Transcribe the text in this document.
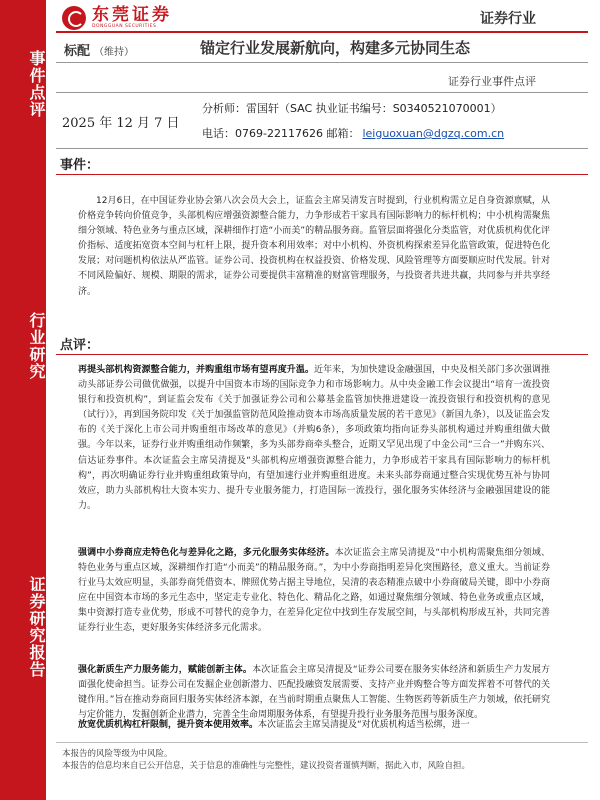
事件点评
行业研究
证券研究报告
东莞证券
DONGGUAN SECURITIES	证券行业
标配 （维持）	锚定行业发展新航向，构建多元协同生态
证券行业事件点评
2025 年 12 月 7 日
分析师：雷国轩（SAC 执业证书编号：S0340521070001）
电话：0769-22117626 邮箱： leiguoxuan@dgzq.com.cn
事件：
12月6日，在中国证券业协会第八次会员大会上，证监会主席吴清发言时提到，行业机构需立足自身资源禀赋，从价格竞争转向价值竞争，头部机构应增强资源整合能力，力争形成若干家具有国际影响力的标杆机构；中小机构需聚焦细分领域、特色业务与重点区域，深耕细作打造“小而美”的精品服务商。监管层面将强化分类监管，对优质机构优化评价指标、适度拓宽资本空间与杠杆上限，提升资本利用效率；对中小机构、外资机构探索差异化监管政策，促进特色化发展；对问题机构依法从严监管。证券公司、投资机构在权益投资、价格发现、风险管理等方面要顺应时代发展。针对不同风险偏好、规模、期限的需求，证券公司要提供丰富精准的财富管理服务，与投资者共进共赢，共同参与并共享经济。
点评：
再提头部机构资源整合能力，并购重组市场有望再度升温。近年来，为加快建设金融强国，中央及相关部门多次强调推动头部证券公司做优做强，以提升中国资本市场的国际竞争力和市场影响力。从中央金融工作会议提出“培育一流投资银行和投资机构”，到证监会发布《关于加强证券公司和公募基金监管加快推进建设一流投资银行和投资机构的意见（试行）》，再到国务院印发《关于加强监管防范风险推动资本市场高质量发展的若干意见》（新国九条），以及证监会发布的《关于深化上市公司并购重组市场改革的意见》（并购6条），多项政策均指向证券头部机构通过并购重组做大做强。今年以来，证券行业并购重组动作频繁，多为头部券商牵头整合，近期又罕见出现了中金公司“三合一”并购东兴、信达证券事件。本次证监会主席吴清提及“头部机构应增强资源整合能力，力争形成若干家具有国际影响力的标杆机构”，再次明确证券行业并购重组政策导向，有望加速行业并购重组进度。未来头部券商通过整合实现优势互补与协同效应，助力头部机构壮大资本实力、提升专业服务能力，打造国际一流投行，强化服务实体经济与金融强国建设的能力。
强调中小券商应走特色化与差异化之路，多元化服务实体经济。本次证监会主席吴清提及“中小机构需聚焦细分领域、特色业务与重点区域，深耕细作打造“小而美”的精品服务商。”，为中小券商指明差异化突围路径，意义重大。当前证券行业马太效应明显，头部券商凭借资本、牌照优势占据主导地位，吴清的表态精准点破中小券商破局关键，即中小券商应在中国资本市场的多元生态中，坚定走专业化、特色化、精品化之路，如通过聚焦细分领域、特色业务或重点区域，集中资源打造专业优势，形成不可替代的竞争力，在差异化定位中找到生存发展空间，与头部机构形成互补，共同完善证券行业生态，更好服务实体经济多元化需求。
强化新质生产力服务能力，赋能创新主体。本次证监会主席吴清提及“证券公司要在服务实体经济和新质生产力发展方面强化使命担当。证券公司在发掘企业创新潜力、匹配投融资发展需要、支持产业并购整合等方面发挥着不可替代的关键作用。”旨在推动券商回归服务实体经济本源，在当前时期重点聚焦人工智能、生物医药等新质生产力领域，依托研究与定价能力，发掘创新企业潜力，完善全生命周期服务体系，有望提升投行业务服务范围与服务深度。
放宽优质机构杠杆限制，提升资本使用效率。本次证监会主席吴清提及“对优质机构适当松绑，进一
本报告的风险等级为中风险。
本报告的信息均来自已公开信息，关于信息的准确性与完整性，建议投资者谨慎判断，据此入市，风险自担。
